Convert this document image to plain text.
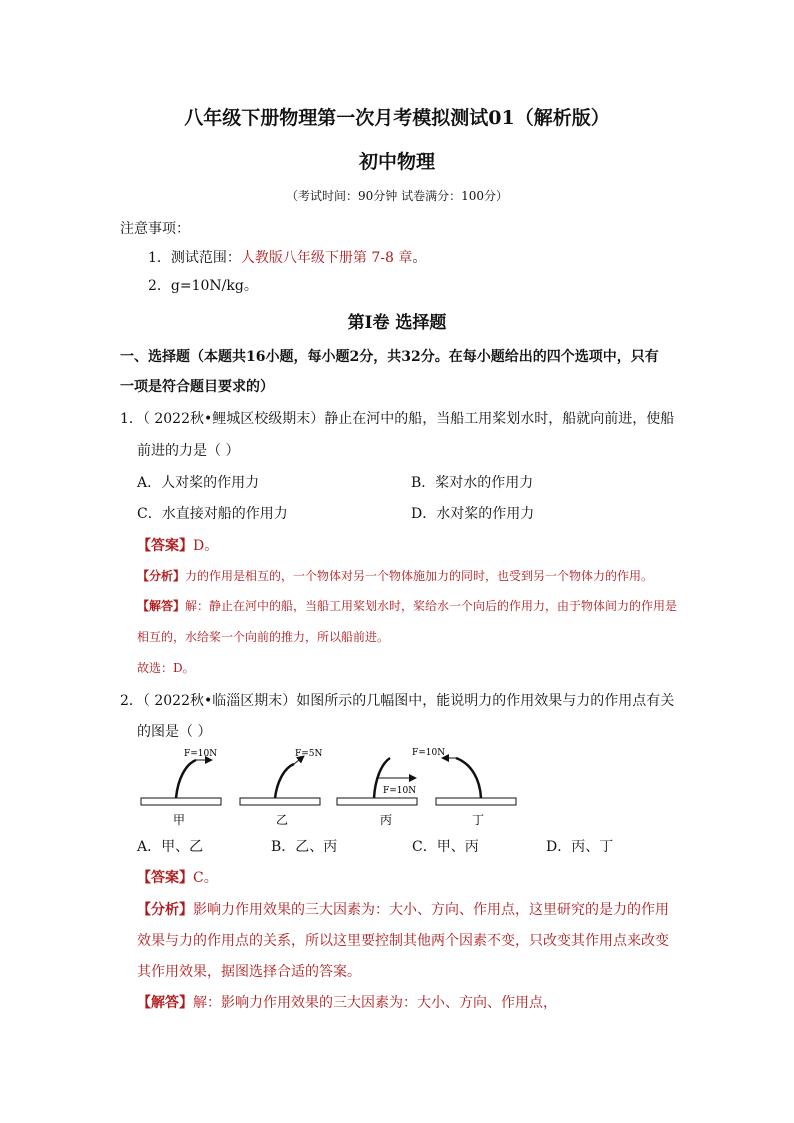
八年级下册物理第一次月考模拟测试01（解析版）
初中物理
（考试时间：90分钟 试卷满分：100分）
注意事项：
1．测试范围：人教版八年级下册第 7-8 章。
2．g=10N/kg。
第Ⅰ卷 选择题
一、选择题（本题共16小题，每小题2分，共32分。在每小题给出的四个选项中，只有
一项是符合题目要求的）
1．（ 2022秋•鲤城区校级期末）静止在河中的船，当船工用桨划水时，船就向前进，使船
前进的力是（ ）
A．人对桨的作用力	B．桨对水的作用力
C．水直接对船的作用力	D．水对桨的作用力
【答案】D。
【分析】力的作用是相互的，一个物体对另一个物体施加力的同时，也受到另一个物体力的作用。
【解答】解：静止在河中的船，当船工用桨划水时，桨给水一个向后的作用力，由于物体间力的作用是
相互的，水给桨一个向前的推力，所以船前进。
故选：D。
2．（ 2022秋•临淄区期末）如图所示的几幅图中，能说明力的作用效果与力的作用点有关
的图是（ ）
F=10N
甲
F=5N
乙
F=10N
丙
F=10N
丁
A．甲、乙	B．乙、丙	C．甲、丙	D．丙、丁
【答案】C。
【分析】影响力作用效果的三大因素为：大小、方向、作用点，这里研究的是力的作用
效果与力的作用点的关系，所以这里要控制其他两个因素不变，只改变其作用点来改变
其作用效果，据图选择合适的答案。
【解答】解：影响力作用效果的三大因素为：大小、方向、作用点，
